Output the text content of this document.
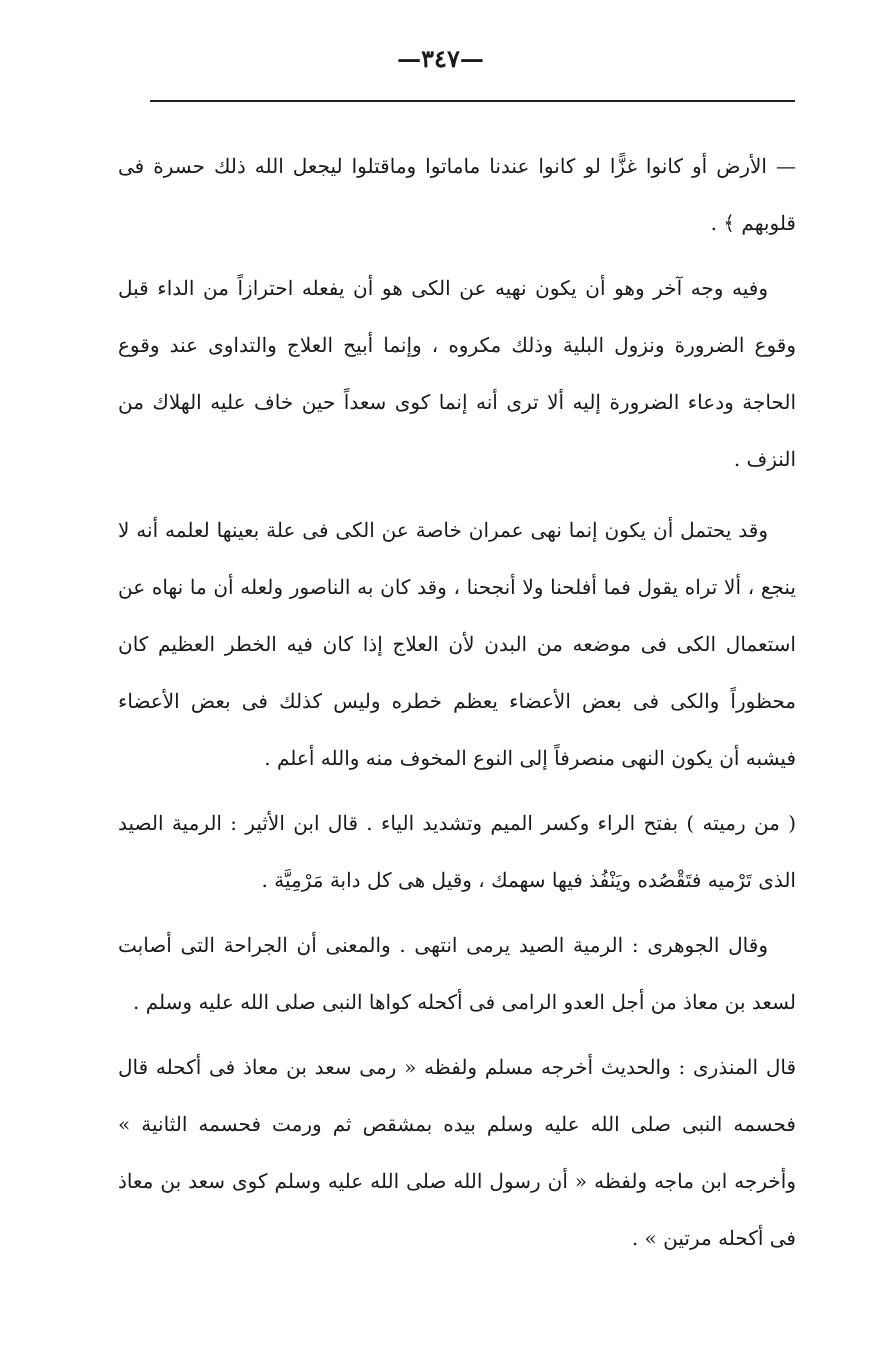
—٣٤٧—

— الأرض أو كانوا غزًّا لو كانوا عندنا ماماتوا وماقتلوا ليجعل الله ذلك حسرة فى قلوبهم ﴾ .

وفيه وجه آخر وهو أن يكون نهيه عن الكى هو أن يفعله احترازاً من الداء قبل وقوع الضرورة ونزول البلية وذلك مكروه ، وإنما أبيح العلاج والتداوى عند وقوع الحاجة ودعاء الضرورة إليه ألا ترى أنه إنما كوى سعداً حين خاف عليه الهلاك من النزف .

وقد يحتمل أن يكون إنما نهى عمران خاصة عن الكى فى علة بعينها لعلمه أنه لا ينجع ، ألا تراه يقول فما أفلحنا ولا أنجحنا ، وقد كان به الناصور ولعله أن ما نهاه عن استعمال الكى فى موضعه من البدن لأن العلاج إذا كان فيه الخطر العظيم كان محظوراً والكى فى بعض الأعضاء يعظم خطره وليس كذلك فى بعض الأعضاء فيشبه أن يكون النهى منصرفاً إلى النوع المخوف منه والله أعلم .

( من رميته ) بفتح الراء وكسر الميم وتشديد الياء . قال ابن الأثير : الرمية الصيد الذى تَرْميه فتَقْصُده ويَنْفُذ فيها سهمك ، وقيل هى كل دابة مَرْمِيَّة .

وقال الجوهرى : الرمية الصيد يرمى انتهى . والمعنى أن الجراحة التى أصابت لسعد بن معاذ من أجل العدو الرامى فى أكحله كواها النبى صلى الله عليه وسلم .

قال المنذرى : والحديث أخرجه مسلم ولفظه « رمى سعد بن معاذ فى أكحله قال فحسمه النبى صلى الله عليه وسلم بيده بمشقص ثم ورمت فحسمه الثانية » وأخرجه ابن ماجه ولفظه « أن رسول الله صلى الله عليه وسلم كوى سعد بن معاذ فى أكحله مرتين » .
